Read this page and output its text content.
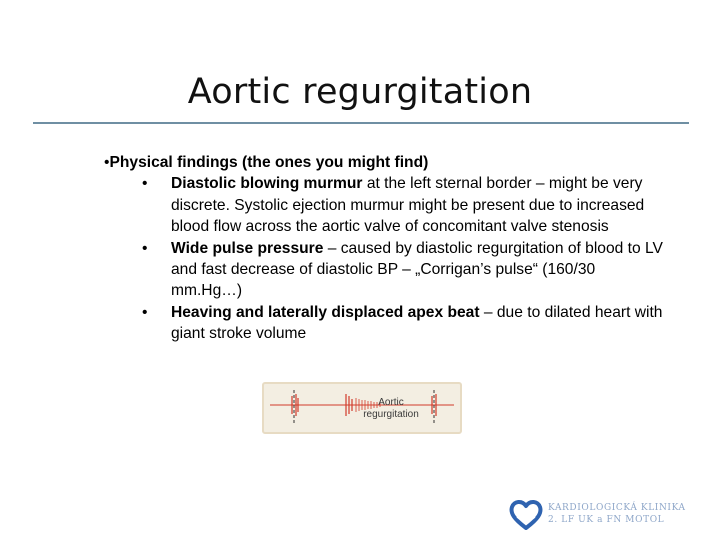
Aortic regurgitation
•Physical findings (the ones you might find)
• Diastolic blowing murmur at the left sternal border – might be very discrete. Systolic ejection murmur might be present due to increased blood flow across the aortic valve of concomitant valve stenosis
• Wide pulse pressure – caused by diastolic regurgitation of blood to LV and fast decrease of diastolic BP – „Corrigan’s pulse“ (160/30 mm.Hg…)
• Heaving and laterally displaced apex beat – due to dilated heart with giant stroke volume
Aortic
regurgitation
KARDIOLOGICKÁ KLINIKA
2. LF UK a FN MOTOL
